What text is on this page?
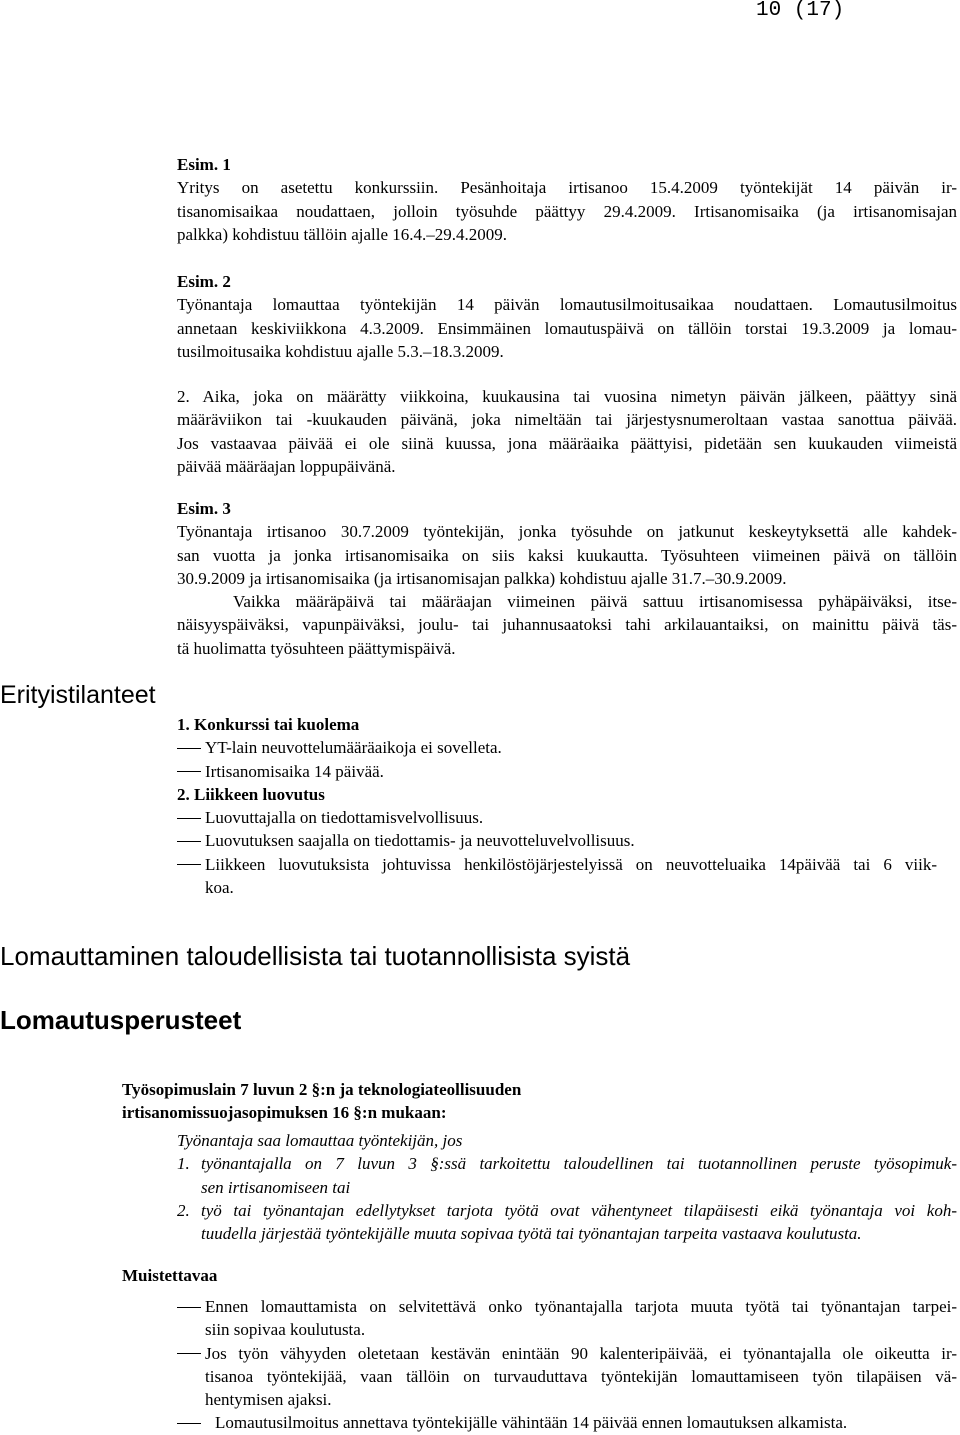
10 (17)

Esim. 1

Yritys on asetettu konkurssiin. Pesänhoitaja irtisanoo 15.4.2009 työntekijät 14 päivän ir-

tisanomisaikaa noudattaen, jolloin työsuhde päättyy 29.4.2009. Irtisanomisaika (ja irtisanomisajan

palkka) kohdistuu tällöin ajalle 16.4.–29.4.2009.

Esim. 2

Työnantaja lomauttaa työntekijän 14 päivän lomautusilmoitusaikaa noudattaen. Lomautusilmoitus

annetaan keskiviikkona 4.3.2009. Ensimmäinen lomautuspäivä on tällöin torstai 19.3.2009 ja lomau-

tusilmoitusaika kohdistuu ajalle 5.3.–18.3.2009.

2. Aika, joka on määrätty viikkoina, kuukausina tai vuosina nimetyn päivän jälkeen, päättyy sinä

määräviikon tai -kuukauden päivänä, joka nimeltään tai järjestysnumeroltaan vastaa sanottua päivää.

Jos vastaavaa päivää ei ole siinä kuussa, jona määräaika päättyisi, pidetään sen kuukauden viimeistä

päivää määräajan loppupäivänä.

Esim. 3

Työnantaja irtisanoo 30.7.2009 työntekijän, jonka työsuhde on jatkunut keskeytyksettä alle kahdek-

san vuotta ja jonka irtisanomisaika on siis kaksi kuukautta. Työsuhteen viimeinen päivä on tällöin

30.9.2009 ja irtisanomisaika (ja irtisanomisajan palkka) kohdistuu ajalle 31.7.–30.9.2009.

Vaikka määräpäivä tai määräajan viimeinen päivä sattuu irtisanomisessa pyhäpäiväksi, itse-

näisyyspäiväksi, vapunpäiväksi, joulu- tai juhannusaatoksi tahi arkilauantaiksi, on mainittu päivä täs-

tä huolimatta työsuhteen päättymispäivä.

Erityistilanteet

1. Konkurssi tai kuolema

YT-lain neuvottelumääräaikoja ei sovelleta.
Irtisanomisaika 14 päivää.

2. Liikkeen luovutus

Luovuttajalla on tiedottamisvelvollisuus.
Luovutuksen saajalla on tiedottamis- ja neuvotteluvelvollisuus.
Liikkeen luovutuksista johtuvissa henkilöstöjärjestelyissä on neuvotteluaika 14päivää tai 6 viik-
koa.
Lomauttaminen taloudellisista tai tuotannollisista syistä
Lomautusperusteet

Työsopimuslain 7 luvun 2 §:n ja teknologiateollisuuden

irtisanomissuojasopimuksen 16 §:n mukaan:

Työnantaja saa lomauttaa työntekijän, jos

1. työnantajalla on 7 luvun 3 §:ssä tarkoitettu taloudellinen tai tuotannollinen peruste työsopimuk-
sen irtisanomiseen tai
2. työ tai työnantajan edellytykset tarjota työtä ovat vähentyneet tilapäisesti eikä työnantaja voi koh-
tuudella järjestää työntekijälle muuta sopivaa työtä tai työnantajan tarpeita vastaava koulutusta.
Muistettavaa
Ennen lomauttamista on selvitettävä onko työnantajalla tarjota muuta työtä tai työnantajan tarpei-
siin sopivaa koulutusta.
Jos työn vähyyden oletetaan kestävän enintään 90 kalenteripäivää, ei työnantajalla ole oikeutta ir-
tisanoa työntekijää, vaan tällöin on turvauduttava työntekijän lomauttamiseen työn tilapäisen vä-
hentymisen ajaksi.
Lomautusilmoitus annettava työntekijälle vähintään 14 päivää ennen lomautuksen alkamista.
